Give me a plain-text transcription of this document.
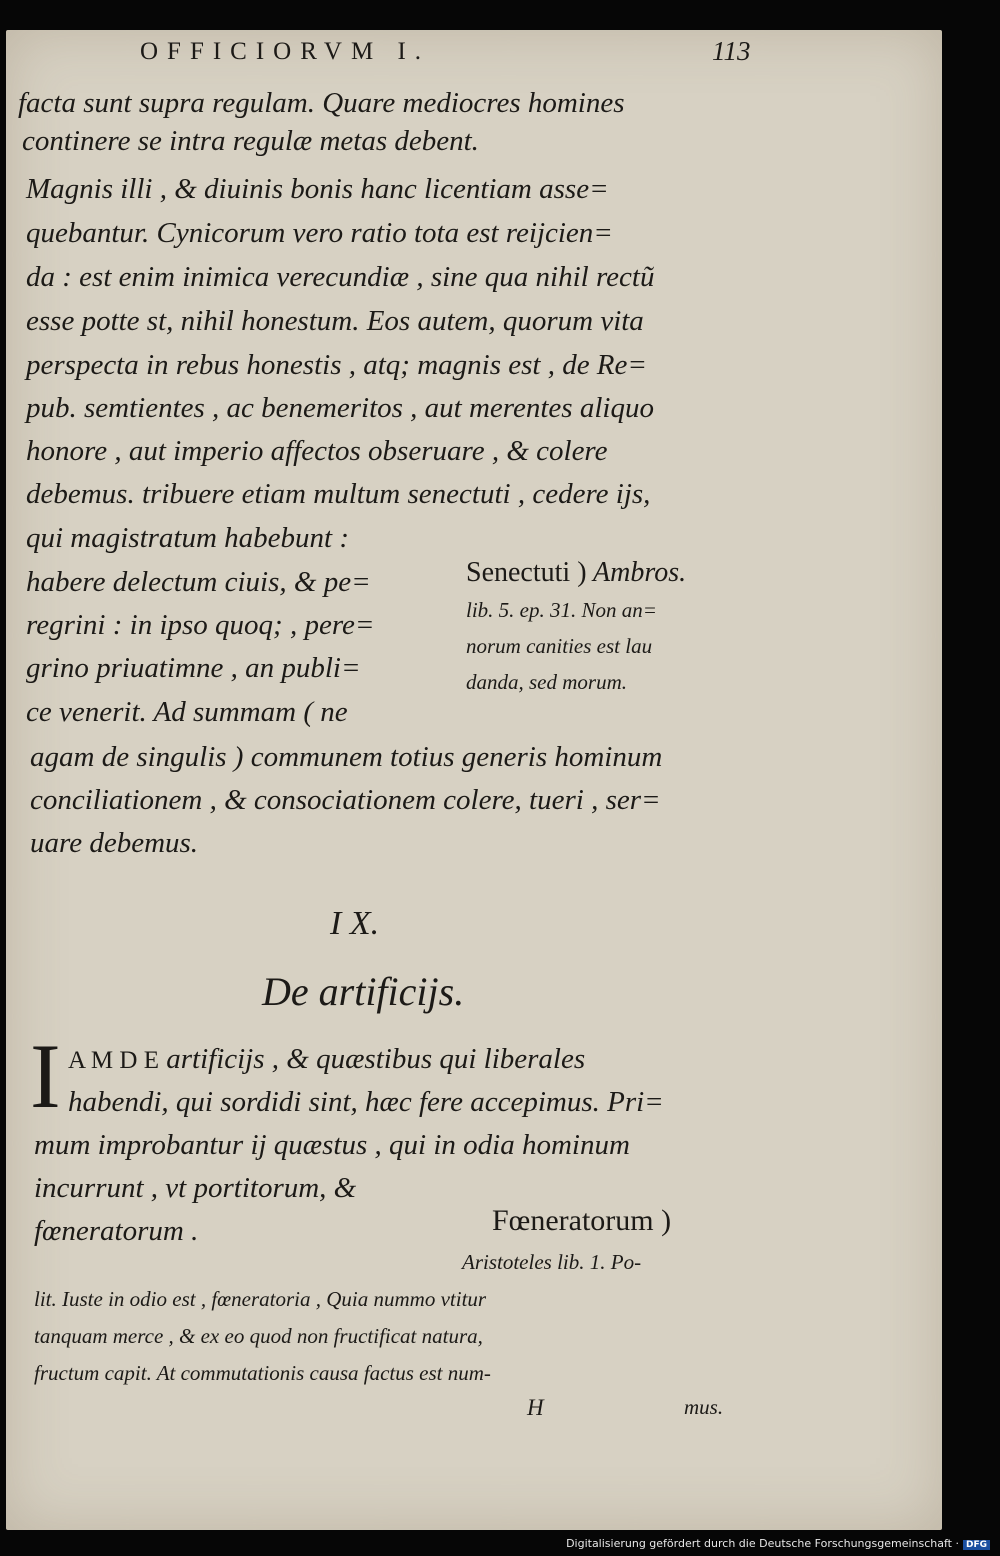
OFFICIORVM I.	113
facta sunt supra regulam. Quare mediocres homines
continere se intra regulæ metas debent.
Magnis illi , & diuinis bonis hanc licentiam asse=
quebantur. Cynicorum vero ratio tota est reijcien=
da : est enim inimica verecundiæ , sine qua nihil rectũ
esse potte st, nihil honestum. Eos autem, quorum vita
perspecta in rebus honestis , atq; magnis est , de Re=
pub. semtientes , ac benemeritos , aut merentes aliquo
honore , aut imperio affectos obseruare , & colere
debemus. tribuere etiam multum senectuti , cedere ijs,
qui magistratum habebunt :
habere delectum ciuis, & pe=
regrini : in ipso quoq; , pere=
grino priuatimne , an publi=
ce venerit. Ad summam ( ne
Senectuti ) Ambros.
lib. 5. ep. 31. Non an=
norum canities est lau
danda, sed morum.
agam de singulis ) communem totius generis hominum
conciliationem , & consociationem colere, tueri , ser=
uare debemus.
I X.
De artificijs.
I A M D E artificijs , & quæstibus qui liberales
habendi, qui sordidi sint, hæc fere accepimus. Pri=
mum improbantur ij quæstus , qui in odia hominum
incurrunt , vt portitorum, &
fœneratorum .	Fœneratorum )
Aristoteles lib. 1. Po-
lit. Iuste in odio est , fœneratoria , Quia nummo vtitur
tanquam merce , & ex eo quod non fructificat natura,
fructum capit. At commutationis causa factus est num-
H	mus.
Digitalisierung gefördert durch die Deutsche Forschungsgemeinschaft · DFG
